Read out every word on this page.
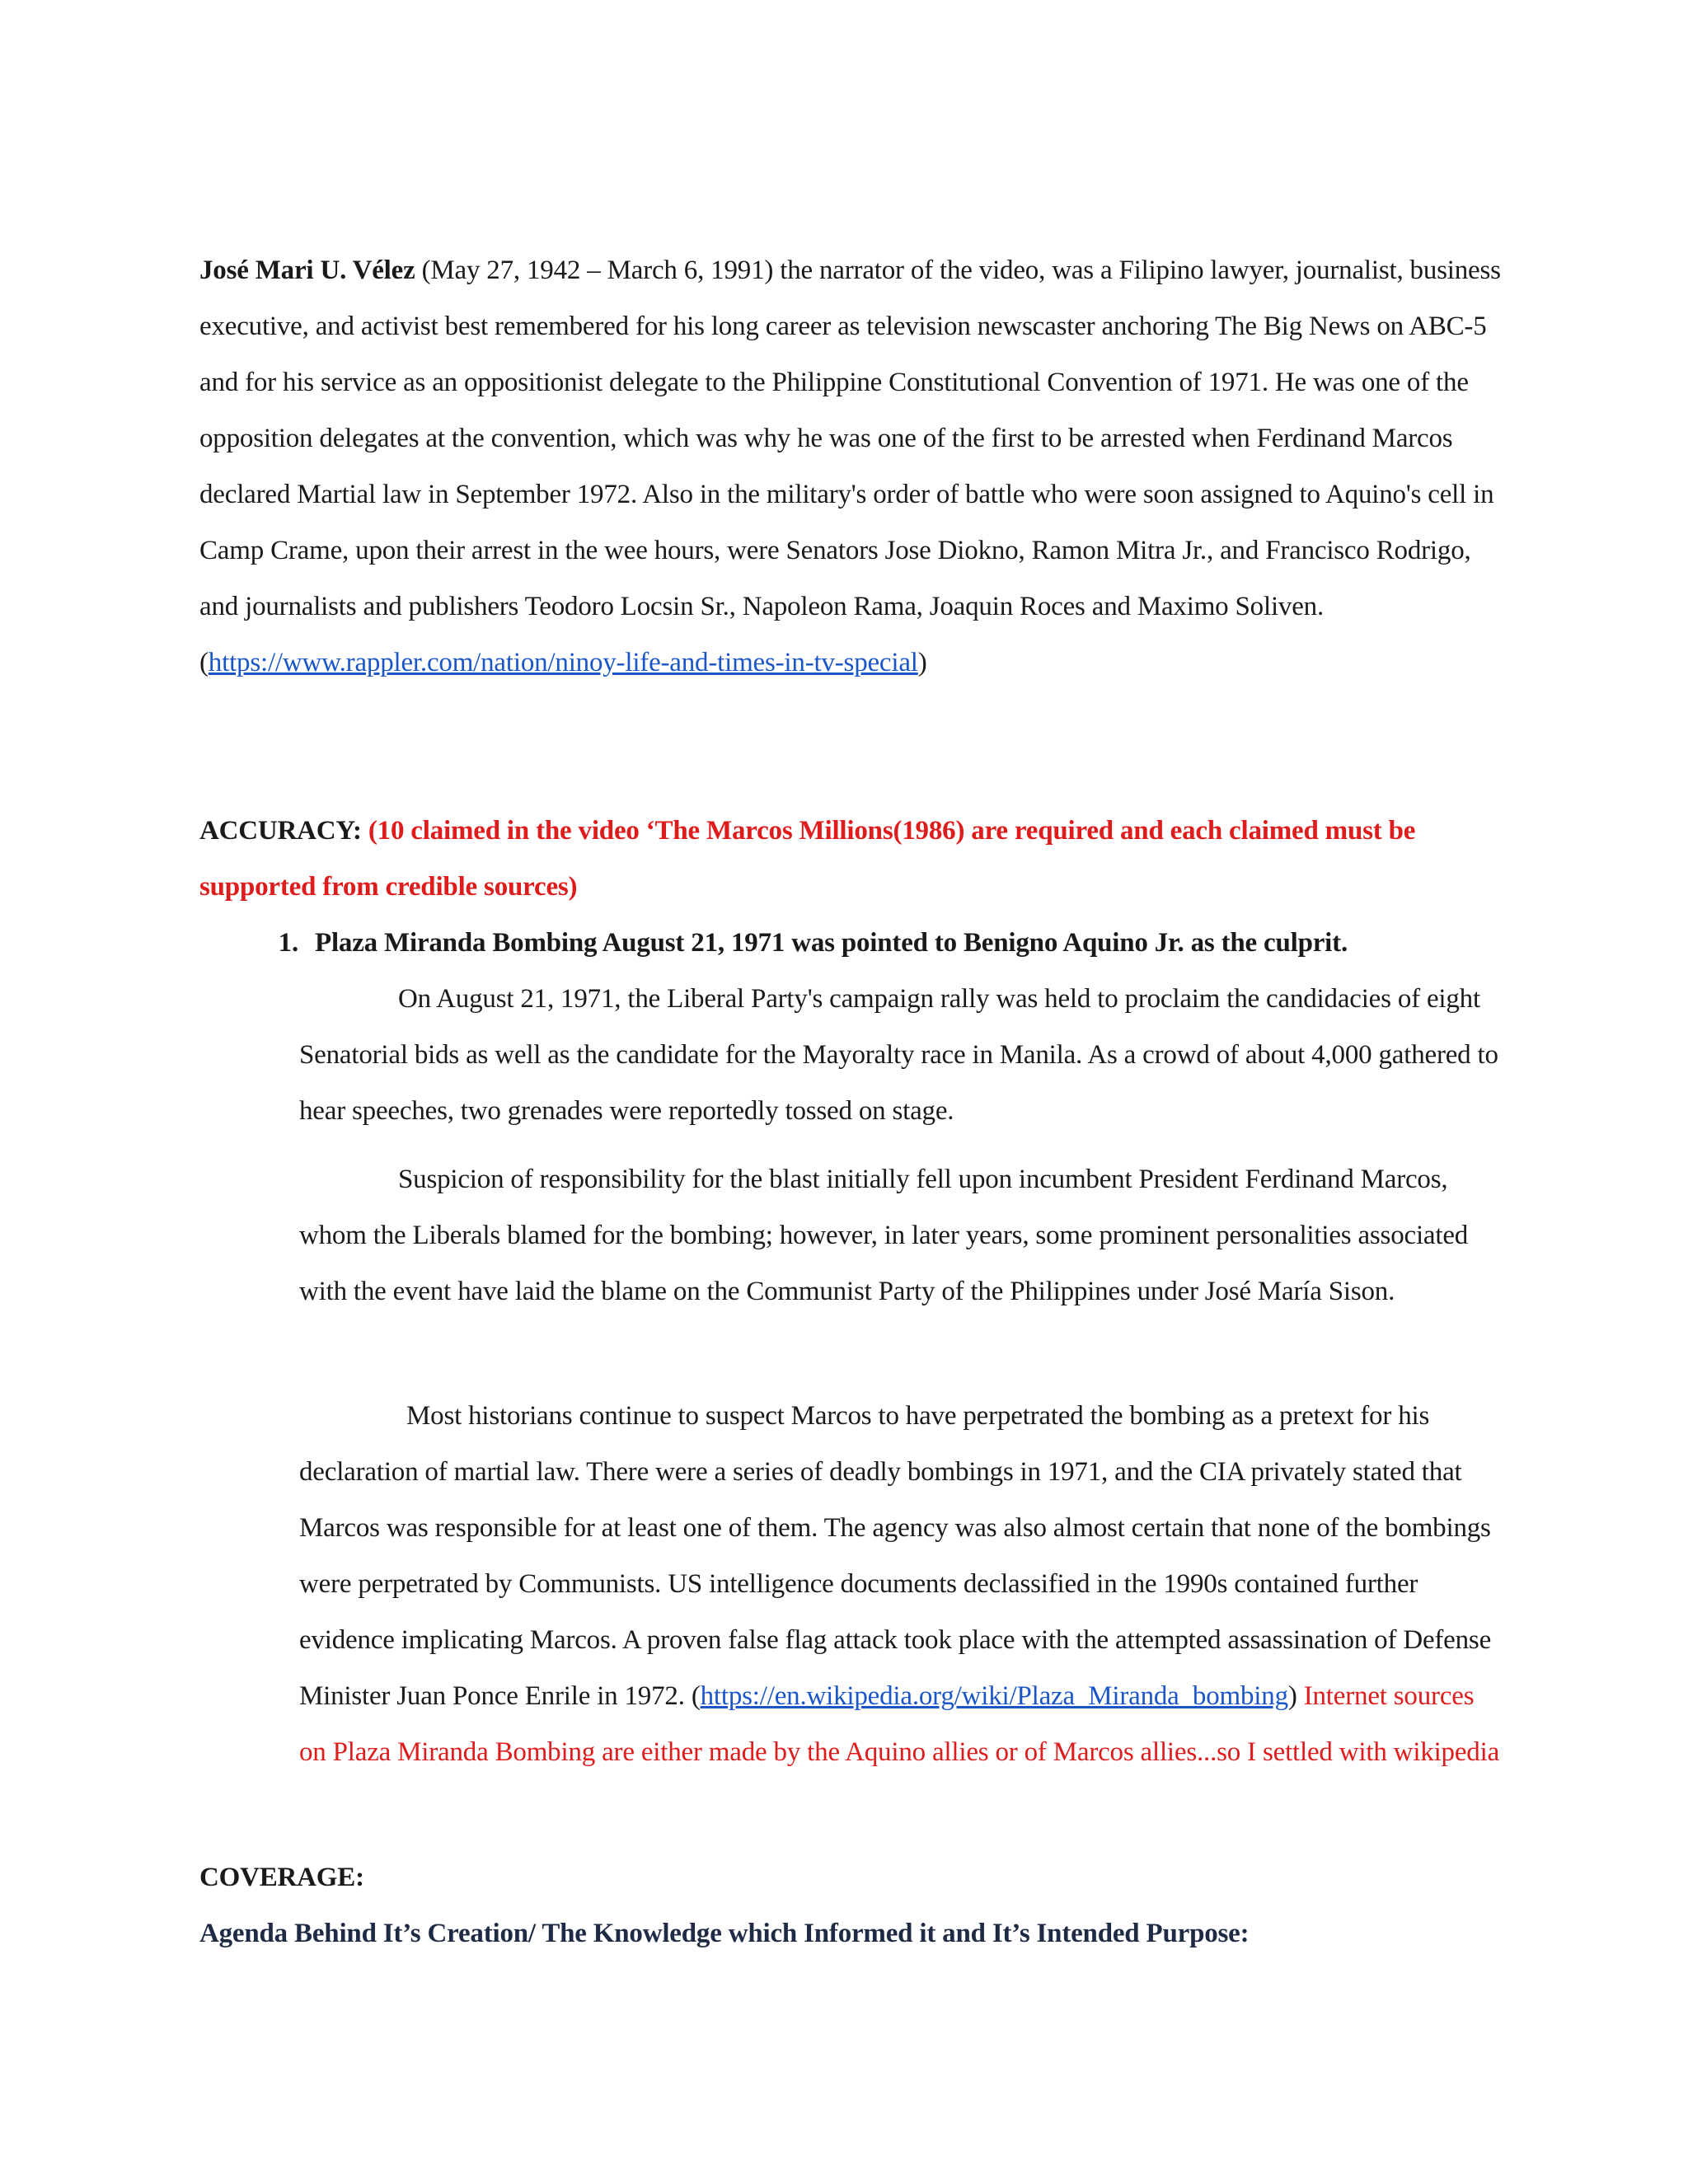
José Mari U. Vélez (May 27, 1942 – March 6, 1991) the narrator of the video, was a Filipino lawyer, journalist, business executive, and activist best remembered for his long career as television newscaster anchoring The Big News on ABC-5 and for his service as an oppositionist delegate to the Philippine Constitutional Convention of 1971. He was one of the opposition delegates at the convention, which was why he was one of the first to be arrested when Ferdinand Marcos declared Martial law in September 1972. Also in the military's order of battle who were soon assigned to Aquino's cell in Camp Crame, upon their arrest in the wee hours, were Senators Jose Diokno, Ramon Mitra Jr., and Francisco Rodrigo, and journalists and publishers Teodoro Locsin Sr., Napoleon Rama, Joaquin Roces and Maximo Soliven.
(https://www.rappler.com/nation/ninoy-life-and-times-in-tv-special)

ACCURACY: (10 claimed in the video ‘The Marcos Millions(1986) are required and each claimed must be supported from credible sources)

1. Plaza Miranda Bombing August 21, 1971 was pointed to Benigno Aquino Jr. as the culprit.

On August 21, 1971, the Liberal Party's campaign rally was held to proclaim the candidacies of eight Senatorial bids as well as the candidate for the Mayoralty race in Manila. As a crowd of about 4,000 gathered to hear speeches, two grenades were reportedly tossed on stage.

Suspicion of responsibility for the blast initially fell upon incumbent President Ferdinand Marcos, whom the Liberals blamed for the bombing; however, in later years, some prominent personalities associated with the event have laid the blame on the Communist Party of the Philippines under José María Sison.

Most historians continue to suspect Marcos to have perpetrated the bombing as a pretext for his declaration of martial law. There were a series of deadly bombings in 1971, and the CIA privately stated that Marcos was responsible for at least one of them. The agency was also almost certain that none of the bombings were perpetrated by Communists. US intelligence documents declassified in the 1990s contained further evidence implicating Marcos. A proven false flag attack took place with the attempted assassination of Defense Minister Juan Ponce Enrile in 1972. (https://en.wikipedia.org/wiki/Plaza_Miranda_bombing) Internet sources on Plaza Miranda Bombing are either made by the Aquino allies or of Marcos allies...so I settled with wikipedia

COVERAGE:

Agenda Behind It’s Creation/ The Knowledge which Informed it and It’s Intended Purpose:
